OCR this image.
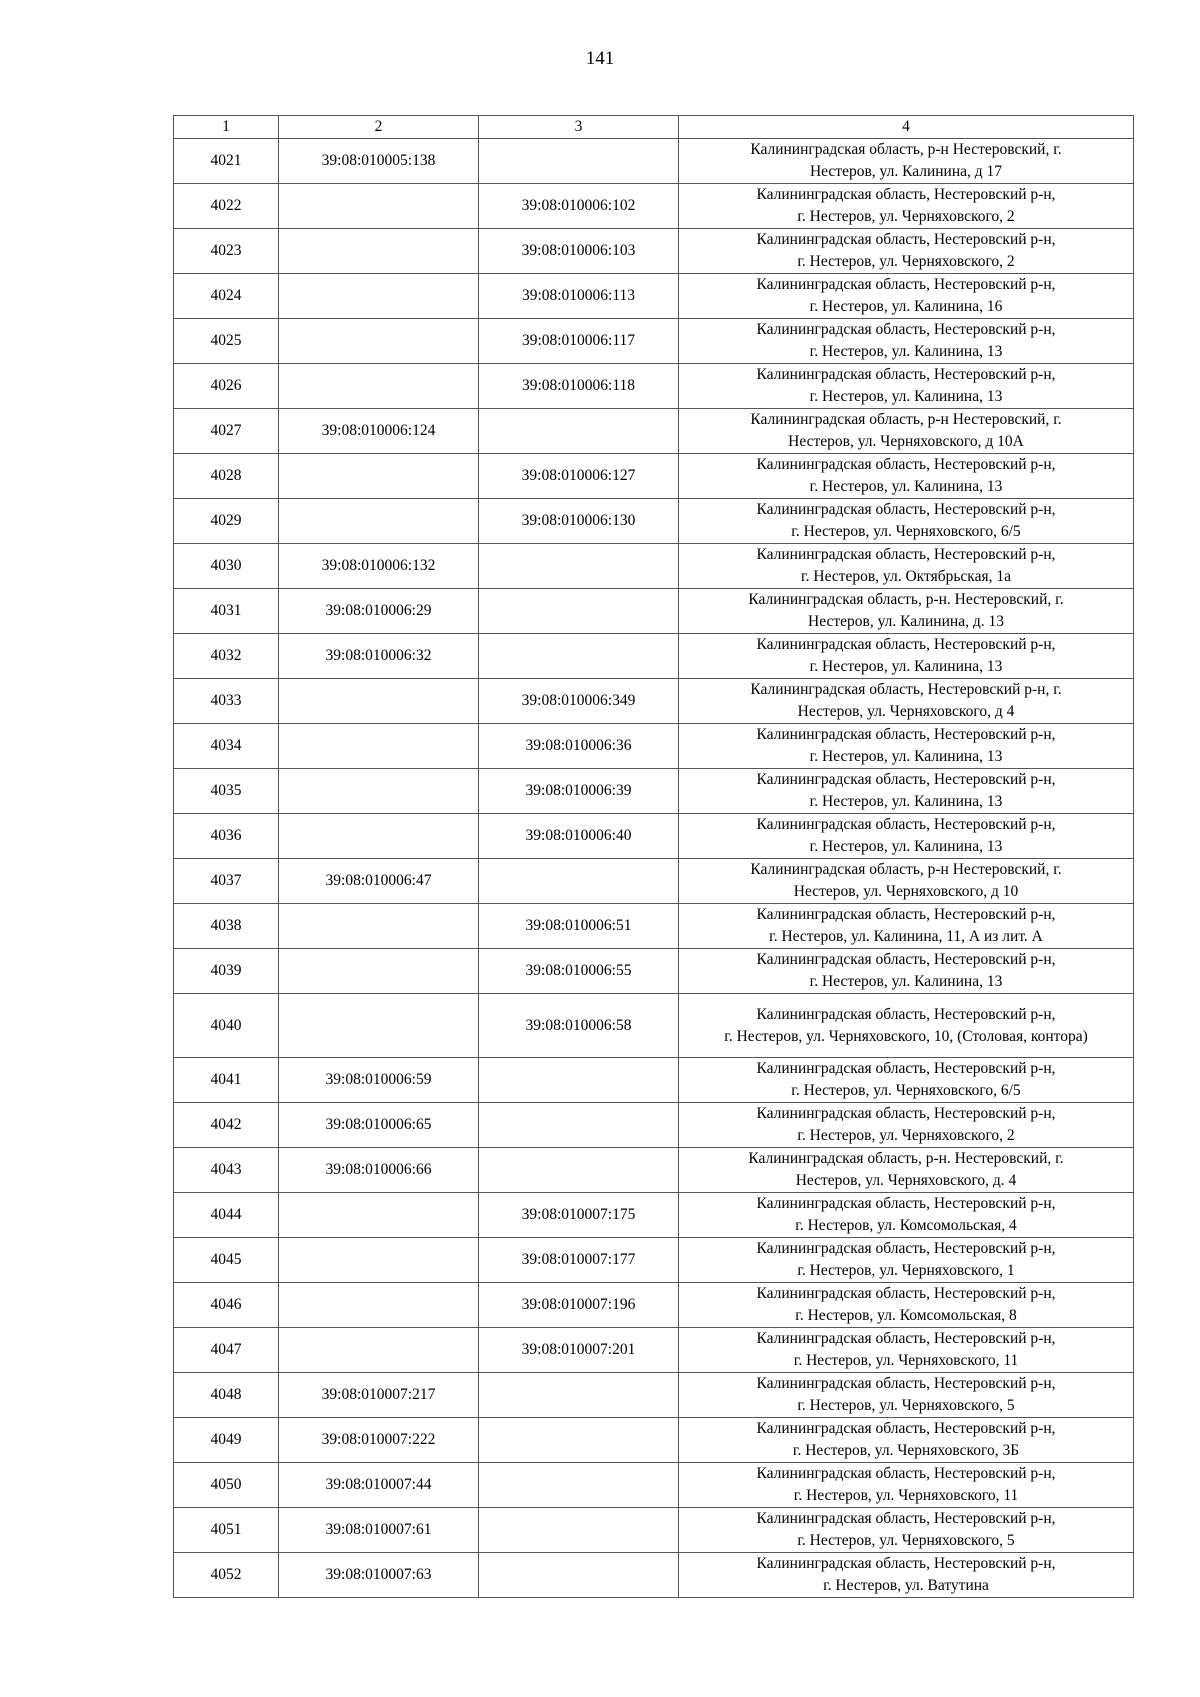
141
1	2	3	4
4021	39:08:010005:138		Калининградская область, р-н Нестеровский, г.
Нестеров, ул. Калинина, д 17

4022		39:08:010006:102	Калининградская область, Нестеровский р-н,
г. Нестеров, ул. Черняховского, 2

4023		39:08:010006:103	Калининградская область, Нестеровский р-н,
г. Нестеров, ул. Черняховского, 2

4024		39:08:010006:113	Калининградская область, Нестеровский р-н,
г. Нестеров, ул. Калинина, 16

4025		39:08:010006:117	Калининградская область, Нестеровский р-н,
г. Нестеров, ул. Калинина, 13

4026		39:08:010006:118	Калининградская область, Нестеровский р-н,
г. Нестеров, ул. Калинина, 13

4027	39:08:010006:124		Калининградская область, р-н Нестеровский, г.
Нестеров, ул. Черняховского, д 10А

4028		39:08:010006:127	Калининградская область, Нестеровский р-н,
г. Нестеров, ул. Калинина, 13

4029		39:08:010006:130	Калининградская область, Нестеровский р-н,
г. Нестеров, ул. Черняховского, 6/5

4030	39:08:010006:132		Калининградская область, Нестеровский р-н,
г. Нестеров, ул. Октябрьская, 1а

4031	39:08:010006:29		Калининградская область, р-н. Нестеровский, г.
Нестеров, ул. Калинина, д. 13

4032	39:08:010006:32		Калининградская область, Нестеровский р-н,
г. Нестеров, ул. Калинина, 13

4033		39:08:010006:349	Калининградская область, Нестеровский р-н, г.
Нестеров, ул. Черняховского, д 4

4034		39:08:010006:36	Калининградская область, Нестеровский р-н,
г. Нестеров, ул. Калинина, 13

4035		39:08:010006:39	Калининградская область, Нестеровский р-н,
г. Нестеров, ул. Калинина, 13

4036		39:08:010006:40	Калининградская область, Нестеровский р-н,
г. Нестеров, ул. Калинина, 13

4037	39:08:010006:47		Калининградская область, р-н Нестеровский, г.
Нестеров, ул. Черняховского, д 10

4038		39:08:010006:51	Калининградская область, Нестеровский р-н,
г. Нестеров, ул. Калинина, 11, А из лит. А

4039		39:08:010006:55	Калининградская область, Нестеровский р-н,
г. Нестеров, ул. Калинина, 13

4040		39:08:010006:58	Калининградская область, Нестеровский р-н,
г. Нестеров, ул. Черняховского, 10, (Столовая, контора)

4041	39:08:010006:59		Калининградская область, Нестеровский р-н,
г. Нестеров, ул. Черняховского, 6/5

4042	39:08:010006:65		Калининградская область, Нестеровский р-н,
г. Нестеров, ул. Черняховского, 2

4043	39:08:010006:66		Калининградская область, р-н. Нестеровский, г.
Нестеров, ул. Черняховского, д. 4

4044		39:08:010007:175	Калининградская область, Нестеровский р-н,
г. Нестеров, ул. Комсомольская, 4

4045		39:08:010007:177	Калининградская область, Нестеровский р-н,
г. Нестеров, ул. Черняховского, 1

4046		39:08:010007:196	Калининградская область, Нестеровский р-н,
г. Нестеров, ул. Комсомольская, 8

4047		39:08:010007:201	Калининградская область, Нестеровский р-н,
г. Нестеров, ул. Черняховского, 11

4048	39:08:010007:217		Калининградская область, Нестеровский р-н,
г. Нестеров, ул. Черняховского, 5

4049	39:08:010007:222		Калининградская область, Нестеровский р-н,
г. Нестеров, ул. Черняховского, 3Б

4050	39:08:010007:44		Калининградская область, Нестеровский р-н,
г. Нестеров, ул. Черняховского, 11

4051	39:08:010007:61		Калининградская область, Нестеровский р-н,
г. Нестеров, ул. Черняховского, 5

4052	39:08:010007:63		Калининградская область, Нестеровский р-н,
г. Нестеров, ул. Ватутина
